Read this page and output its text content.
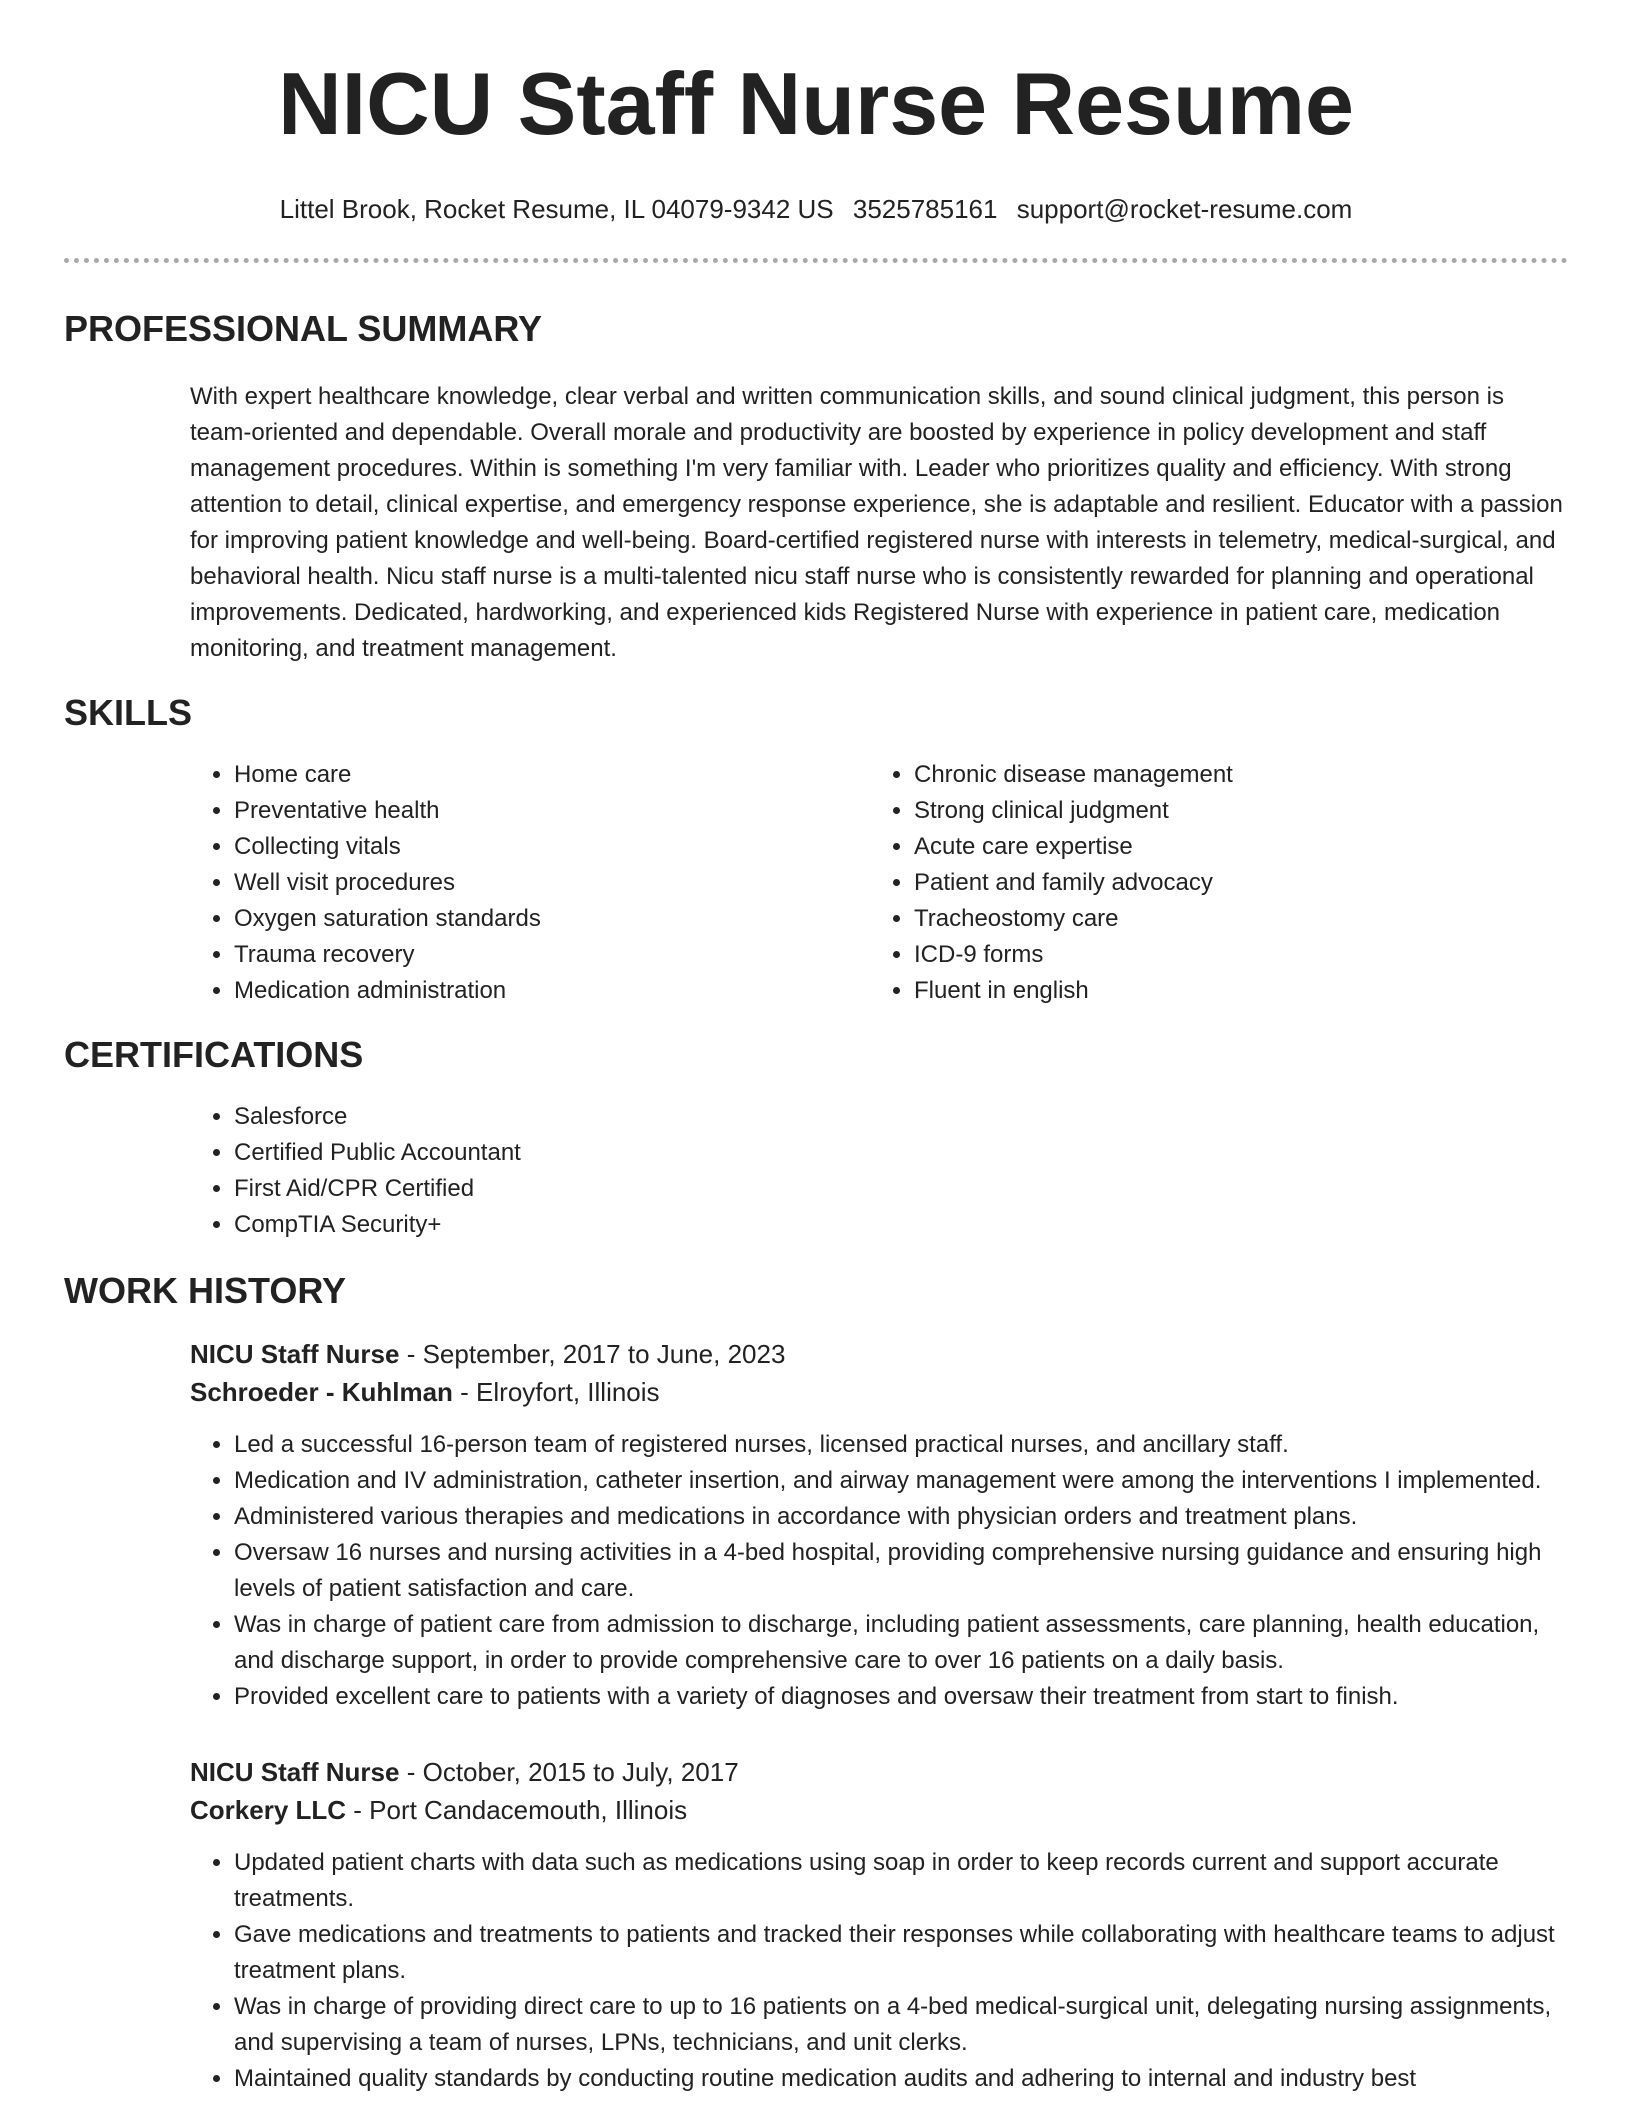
NICU Staff Nurse Resume
Littel Brook, Rocket Resume, IL 04079-9342 US 3525785161 support@rocket-resume.com
PROFESSIONAL SUMMARY

With expert healthcare knowledge, clear verbal and written communication skills, and sound clinical judgment, this person is team-oriented and dependable. Overall morale and productivity are boosted by experience in policy development and staff management procedures. Within is something I'm very familiar with. Leader who prioritizes quality and efficiency. With strong attention to detail, clinical expertise, and emergency response experience, she is adaptable and resilient. Educator with a passion for improving patient knowledge and well-being. Board-certified registered nurse with interests in telemetry, medical-surgical, and behavioral health. Nicu staff nurse is a multi-talented nicu staff nurse who is consistently rewarded for planning and operational improvements. Dedicated, hardworking, and experienced kids Registered Nurse with experience in patient care, medication monitoring, and treatment management.

SKILLS
• Home care
• Preventative health
• Collecting vitals
• Well visit procedures
• Oxygen saturation standards
• Trauma recovery
• Medication administration
• Chronic disease management
• Strong clinical judgment
• Acute care expertise
• Patient and family advocacy
• Tracheostomy care
• ICD-9 forms
• Fluent in english
CERTIFICATIONS
• Salesforce
• Certified Public Accountant
• First Aid/CPR Certified
• CompTIA Security+
WORK HISTORY
NICU Staff Nurse - September, 2017 to June, 2023
Schroeder - Kuhlman - Elroyfort, Illinois
• Led a successful 16-person team of registered nurses, licensed practical nurses, and ancillary staff.
• Medication and IV administration, catheter insertion, and airway management were among the interventions I implemented.
• Administered various therapies and medications in accordance with physician orders and treatment plans.
• Oversaw 16 nurses and nursing activities in a 4-bed hospital, providing comprehensive nursing guidance and ensuring high levels of patient satisfaction and care.
• Was in charge of patient care from admission to discharge, including patient assessments, care planning, health education, and discharge support, in order to provide comprehensive care to over 16 patients on a daily basis.
• Provided excellent care to patients with a variety of diagnoses and oversaw their treatment from start to finish.
NICU Staff Nurse - October, 2015 to July, 2017
Corkery LLC - Port Candacemouth, Illinois
• Updated patient charts with data such as medications using soap in order to keep records current and support accurate treatments.
• Gave medications and treatments to patients and tracked their responses while collaborating with healthcare teams to adjust treatment plans.
• Was in charge of providing direct care to up to 16 patients on a 4-bed medical-surgical unit, delegating nursing assignments, and supervising a team of nurses, LPNs, technicians, and unit clerks.
• Maintained quality standards by conducting routine medication audits and adhering to internal and industry best
